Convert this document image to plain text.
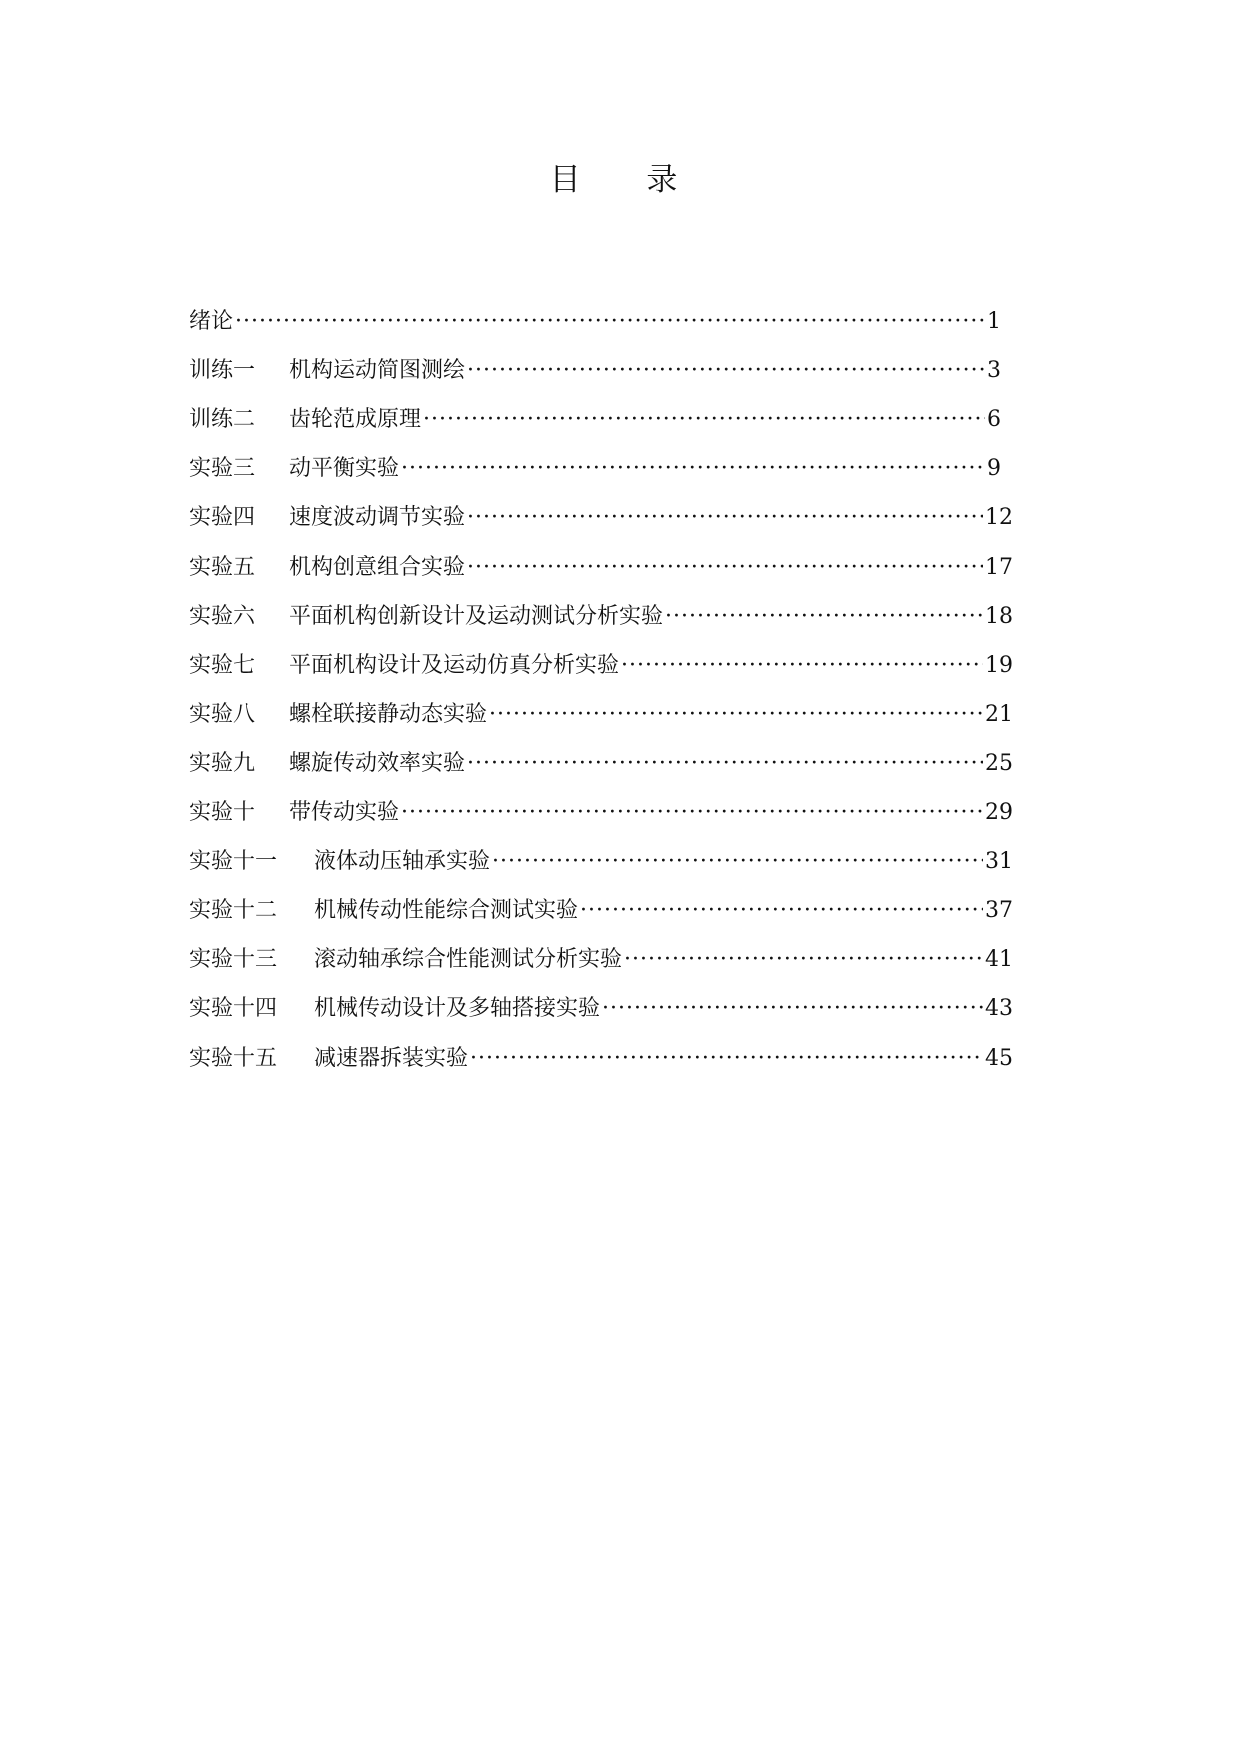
目 录
绪论 ·····	1
训练一	机构运动简图测绘 ·····	3
训练二	齿轮范成原理 ·····	6
实验三	动平衡实验 ·····	9
实验四	速度波动调节实验 ·····	12
实验五	机构创意组合实验 ·····	17
实验六	平面机构创新设计及运动测试分析实验 ·····	18
实验七	平面机构设计及运动仿真分析实验 ·····	19
实验八	螺栓联接静动态实验 ·····	21
实验九	螺旋传动效率实验 ·····	25
实验十	带传动实验 ·····	29
实验十一	液体动压轴承实验 ·····	31
实验十二	机械传动性能综合测试实验 ·····	37
实验十三	滚动轴承综合性能测试分析实验 ·····	41
实验十四	机械传动设计及多轴搭接实验 ·····	43
实验十五	减速器拆装实验 ·····	45
